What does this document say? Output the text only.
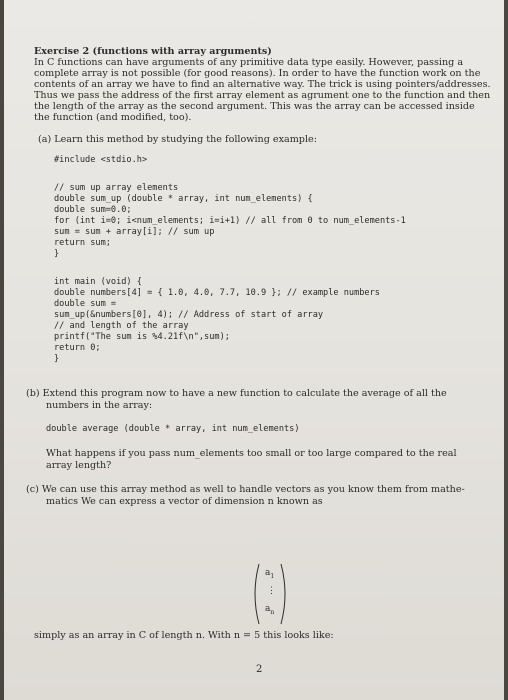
Exercise 2 (functions with array arguments)
In C functions can have arguments of any primitive data type easily. However, passing a
complete array is not possible (for good reasons). In order to have the function work on the
contents of an array we have to find an alternative way. The trick is using pointers/addresses.
Thus we pass the address of the first array element as agrument one to the function and then
the length of the array as the second argument. This was the array can be accessed inside
the function (and modified, too).
(a) Learn this method by studying the following example:
#include <stdio.h>
// sum up array elements
double sum_up (double * array, int num_elements) {
double sum=0.0;
for (int i=0; i<num_elements; i=i+1) // all from 0 to num_elements-1
sum = sum + array[i]; // sum up
return sum;
}
int main (void) {
double numbers[4] = { 1.0, 4.0, 7.7, 10.9 }; // example numbers
double sum =
sum_up(&numbers[0], 4); // Address of start of array
// and length of the array
printf("The sum is %4.21f\n",sum);
return 0;
}
(b) Extend this program now to have a new function to calculate the average of all the
numbers in the array:
double average (double * array, int num_elements)
What happens if you pass num_elements too small or too large compared to the real
array length?
(c) We can use this array method as well to handle vectors as you know them from mathe-
matics We can express a vector of dimension n known as
$a_1$
⋮
$a_n$
simply as an array in C of length n. With n = 5 this looks like:
2
